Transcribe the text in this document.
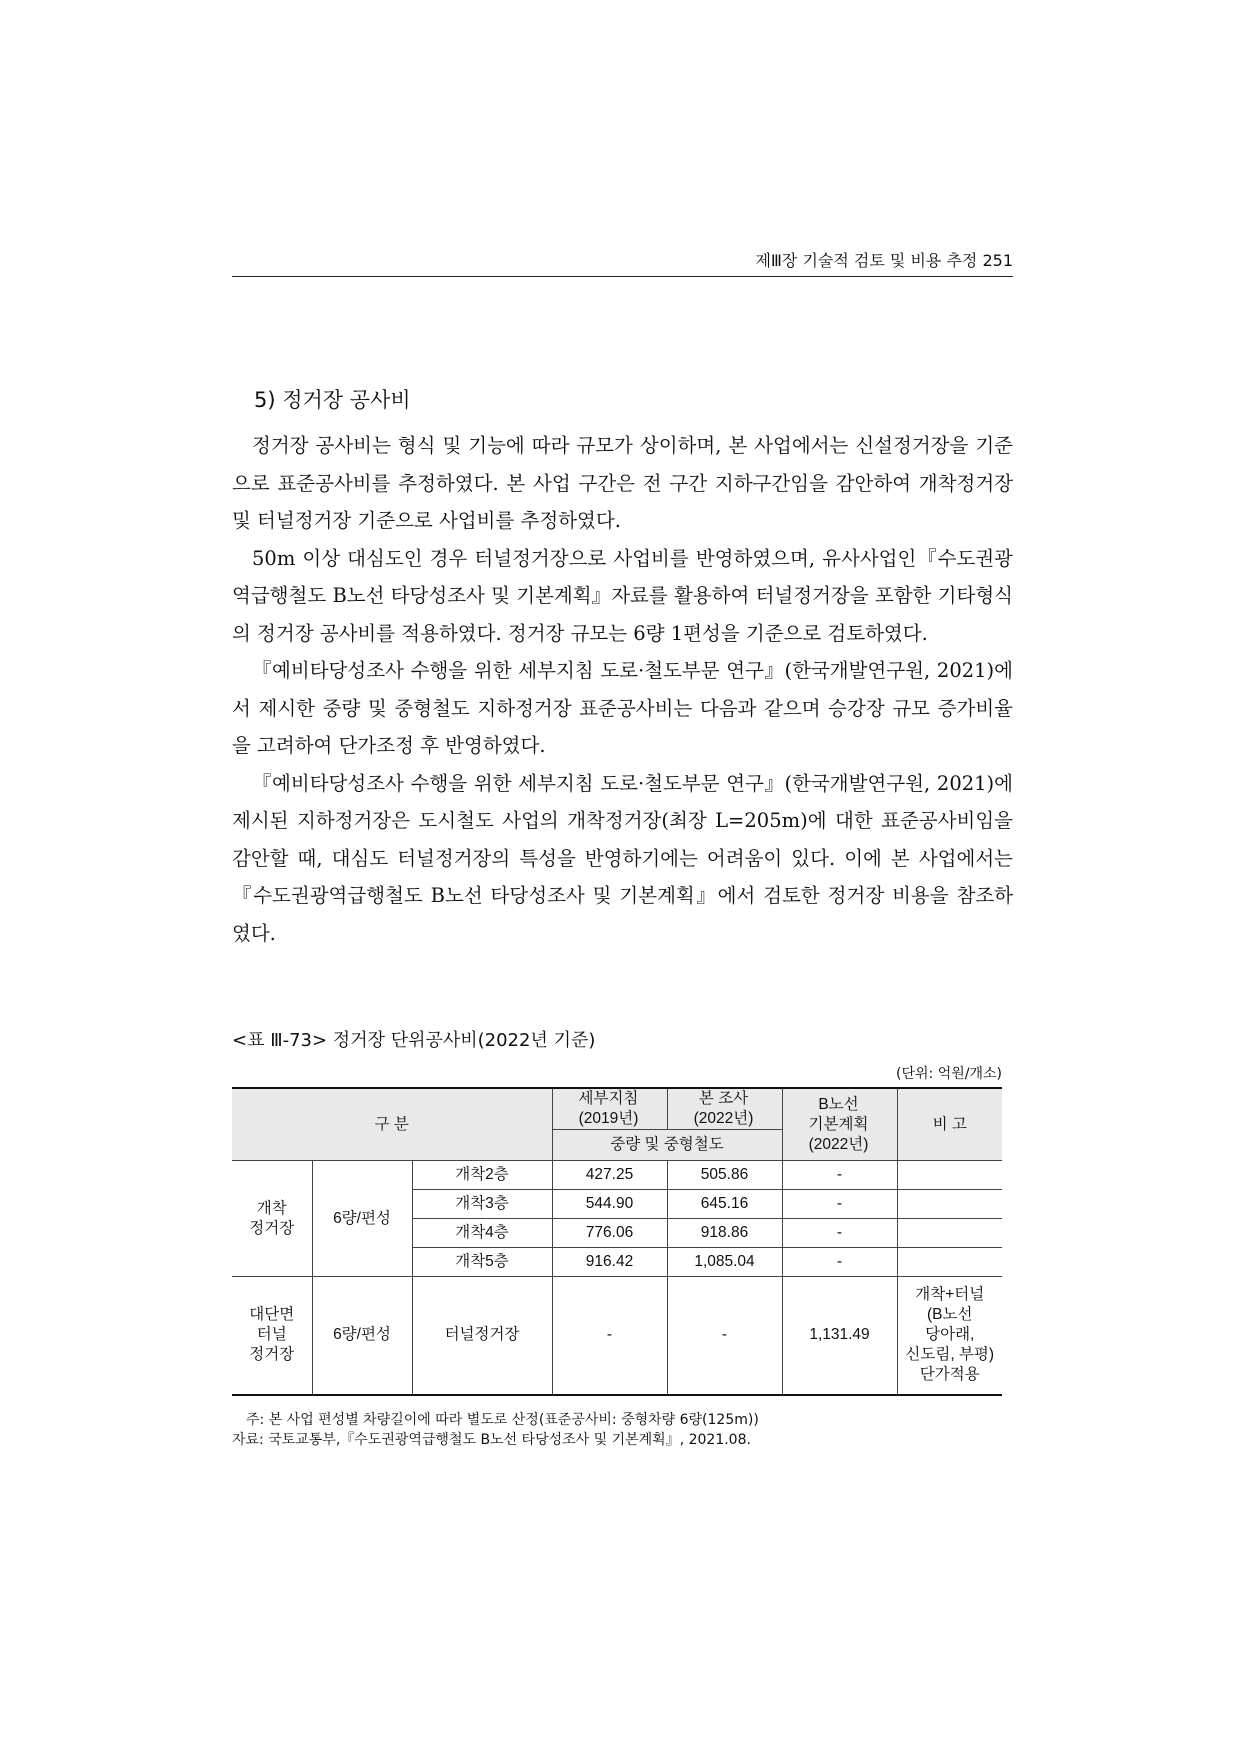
제Ⅲ장 기술적 검토 및 비용 추정 251
5) 정거장 공사비

정거장 공사비는 형식 및 기능에 따라 규모가 상이하며, 본 사업에서는 신설정거장을 기준으로 표준공사비를 추정하였다. 본 사업 구간은 전 구간 지하구간임을 감안하여 개착정거장 및 터널정거장 기준으로 사업비를 추정하였다.

50m 이상 대심도인 경우 터널정거장으로 사업비를 반영하였으며, 유사사업인『수도권광역급행철도 B노선 타당성조사 및 기본계획』자료를 활용하여 터널정거장을 포함한 기타형식의 정거장 공사비를 적용하였다. 정거장 규모는 6량 1편성을 기준으로 검토하였다.

『예비타당성조사 수행을 위한 세부지침 도로·철도부문 연구』(한국개발연구원, 2021)에서 제시한 중량 및 중형철도 지하정거장 표준공사비는 다음과 같으며 승강장 규모 증가비율을 고려하여 단가조정 후 반영하였다.

『예비타당성조사 수행을 위한 세부지침 도로·철도부문 연구』(한국개발연구원, 2021)에 제시된 지하정거장은 도시철도 사업의 개착정거장(최장 L=205m)에 대한 표준공사비임을 감안할 때, 대심도 터널정거장의 특성을 반영하기에는 어려움이 있다. 이에 본 사업에서는『수도권광역급행철도 B노선 타당성조사 및 기본계획』에서 검토한 정거장 비용을 참조하였다.

<표 Ⅲ-73> 정거장 단위공사비(2022년 기준)
(단위: 억원/개소)
구 분			세부지침
(2019년)	본 조사
(2022년)	B노선
기본계획
(2022년)	비 고
			중량 및 중형철도			
개착
정거장	6량/편성	개착2층	427.25	505.86	-	
		개착3층	544.90	645.16	-	
		개착4층	776.06	918.86	-	
		개착5층	916.42	1,085.04	-	
대단면
터널
정거장	6량/편성	터널정거장	-	-	1,131.49	개착+터널
(B노선
당아래,
신도림, 부평)
단가적용
주: 본 사업 편성별 차량길이에 따라 별도로 산정(표준공사비: 중형차량 6량(125m))
자료: 국토교통부,『수도권광역급행철도 B노선 타당성조사 및 기본계획』, 2021.08.
